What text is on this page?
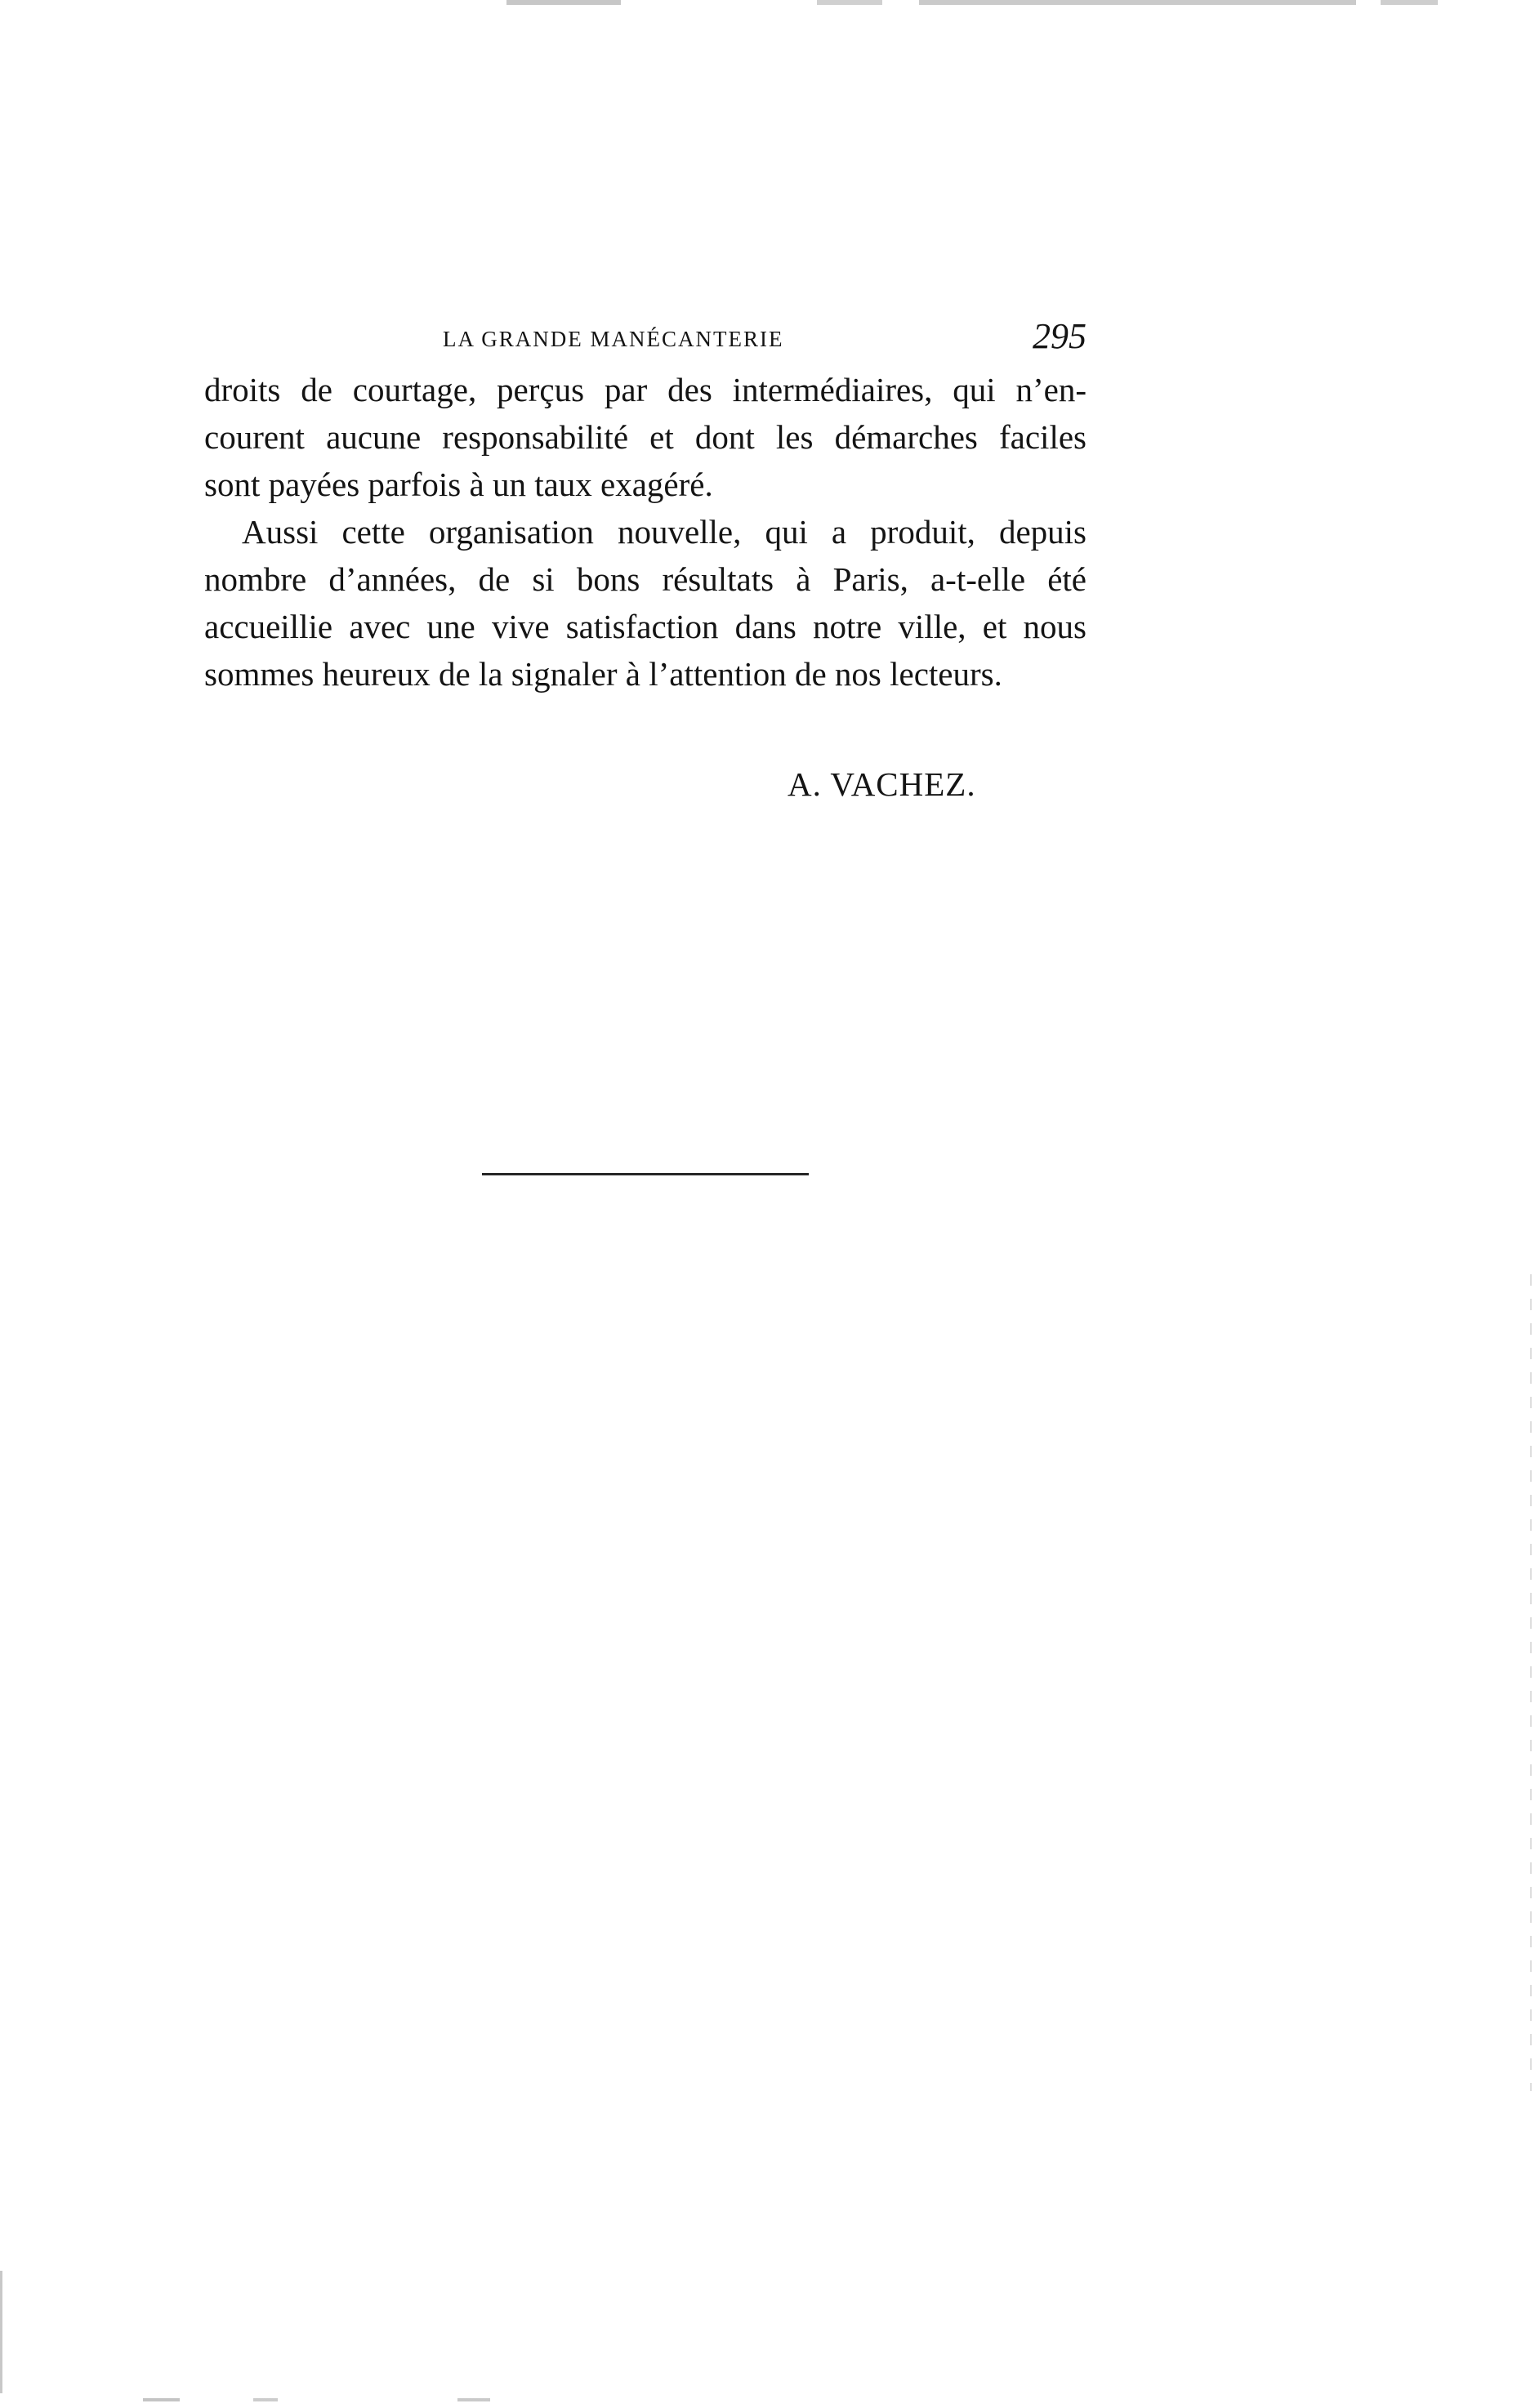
LA GRANDE MANÉCANTERIE	295
droits de courtage, perçus par des intermédiaires, qui n’en-
courent aucune responsabilité et dont les démarches faciles
sont payées parfois à un taux exagéré.
Aussi cette organisation nouvelle, qui a produit, depuis
nombre d’années, de si bons résultats à Paris, a-t-elle été
accueillie avec une vive satisfaction dans notre ville, et nous
sommes heureux de la signaler à l’attention de nos lecteurs.
A. VACHEZ.
